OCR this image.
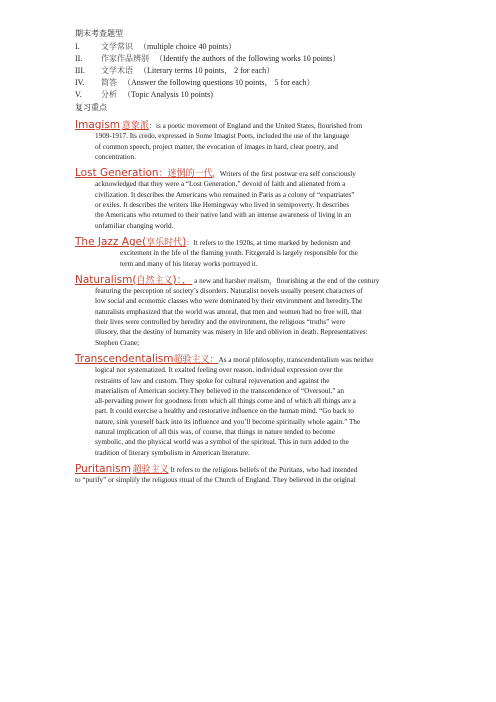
期末考查题型
I.	文学常识 （multiple choice 40 points）
II.	作家作品辨别 （Identify the authors of the following works 10 points）
III.	文学术语 （Literary terms 10 points， 2 for each）
IV.	简答 （Answer the following questions 10 points， 5 for each）
V.	分析 （Topic Analysis 10 points)
复习重点
Imagism 意象派：is a poetic movement of England and the United States, flourished from
1909-1917. Its credo, expressed in Some Imagist Poets, included the use of the language
of common speech, project matter, the evocation of images in hard, clear poetry, and
concentration.
Lost Generation：迷惘的一代，Writers of the first postwar era self consciously
acknowledged that they were a “Lost Generation,” devoid of faith and alienated from a
civilization. It describes the Americans who remained in Paris as a colony of “expatriates”
or exiles. It describes the writers like Hemingway who lived in semipoverty. It describes
the Americans who returned to their native land with an intense awareness of living in an
unfamiliar changing world.
The Jazz Age(享乐时代)：It refers to the 1920s, at time marked by hedonism and
excitement in the life of the flaming youth. Fitzgerald is largely responsible for the
term and many of his literay works portrayed it.
Naturalism(自然主义)：， a new and harsher realism，flourishing at the end of the century
featuring the perception of society’s disorders. Naturalist novels usually present characters of
low social and economic classes who were dominated by their environment and heredity.The
naturalists emphasized that the world was amoral, that men and women had no free will, that
their lives were controlled by heredity and the environment, the religious “truths” were
illusory, that the destiny of humanity was misery in life and oblivion in death. Representatives:
Stephen Crane;
Transcendentalism超验主义：As a moral philosophy, transcendentalism was neither
logical nor systematized. It exalted feeling over reason, individual expression over the
restraints of law and custom. They spoke for cultural rejuvenation and against the
materialism of American society.They believed in the transcendence of “Oversoul,” an
all-pervading power for goodness from which all things come and of which all things are a
part. It could exercise a healthy and restorative influence on the human mind. “Go back to
nature, sink yourself back into its influence and you’ll become spiritually whole again.” The
natural implication of all this was, of course, that things in nature tended to become
symbolic, and the physical world was a symbol of the spiritual. This in turn added to the
tradition of literary symbolism in American literature.
Puritanism 超验主义 It refers to the religious beliefs of the Puritans, who had intended
to “purify” or simplify the religious ritual of the Church of England. They believed in the original
